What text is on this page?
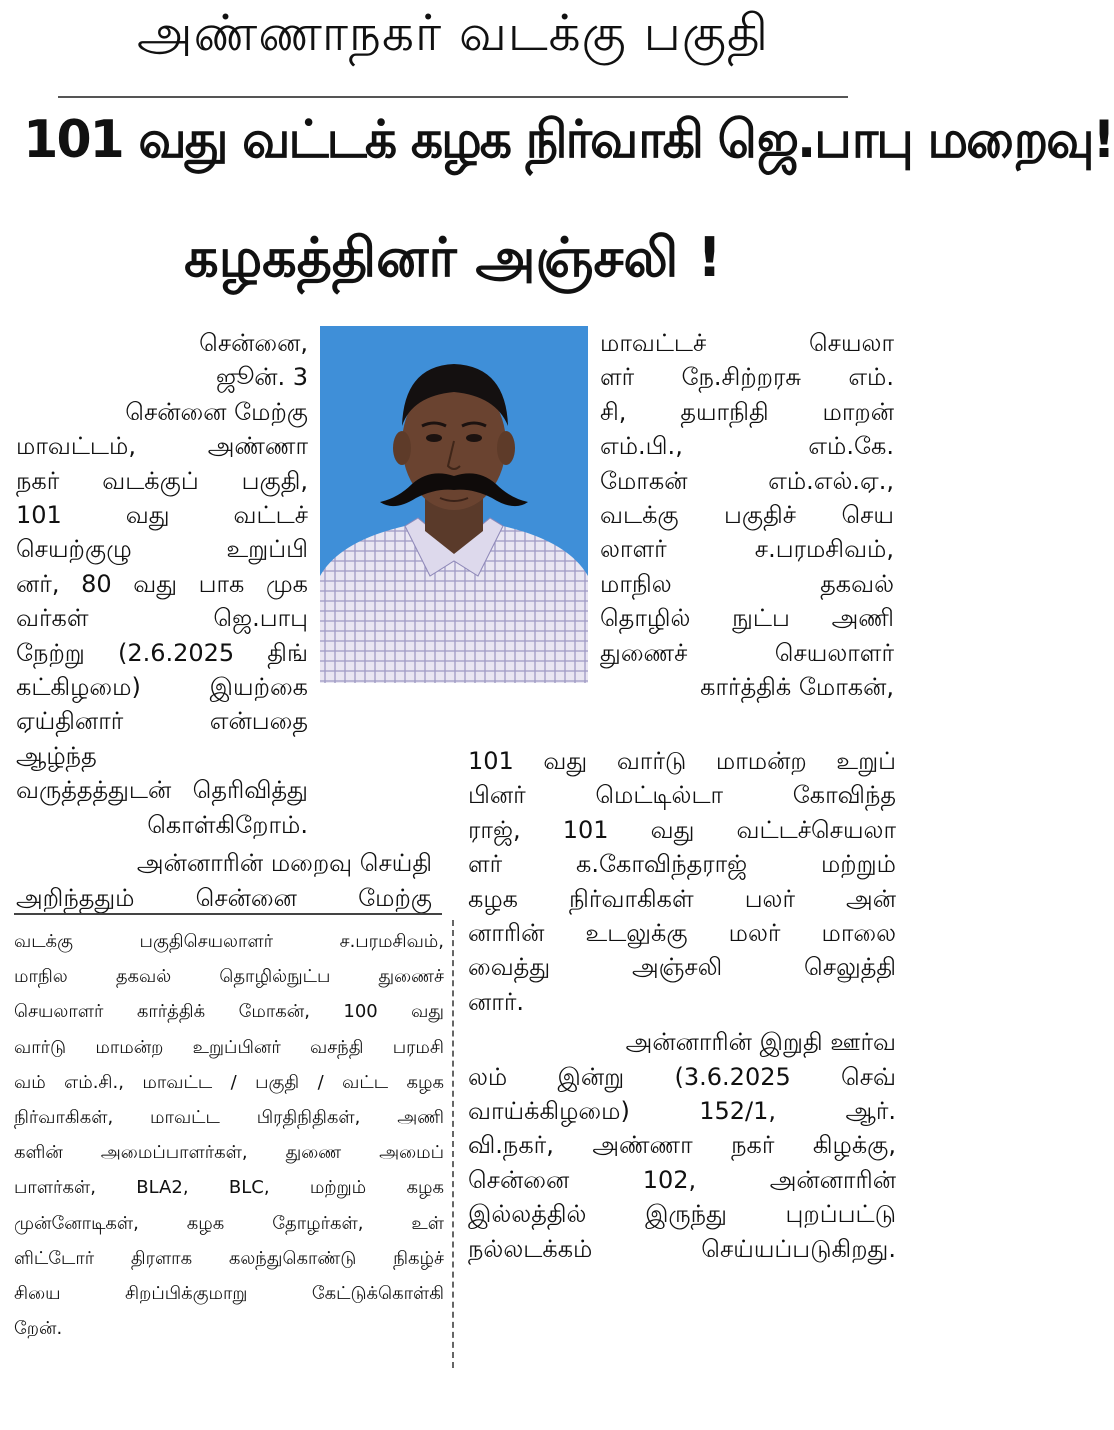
அண்ணாநகர் வடக்கு பகுதி
101 வது வட்டக் கழக நிர்வாகி ஜெ.பாபு மறைவு!
கழகத்தினர் அஞ்சலி !

சென்னை,

ஜூன். 3

சென்னை மேற்கு

மாவட்டம், அண்ணா

நகர் வடக்குப் பகுதி,

101 வது வட்டச்

செயற்குழு உறுப்பி

னர், 80 வது பாக முக

வர்கள் ஜெ.பாபு

நேற்று (2.6.2025 திங்

கட்கிழமை) இயற்கை

ஏய்தினார் என்பதை ஆழ்ந்த

வருத்தத்துடன் தெரிவித்து

கொள்கிறோம்.

அன்னாரின் மறைவு செய்தி

அறிந்ததும் சென்னை மேற்கு

மாவட்டச் செயலா

ளர் நே.சிற்றரசு எம்.

சி, தயாநிதி மாறன்

எம்.பி., எம்.கே.

மோகன் எம்.எல்.ஏ.,

வடக்கு பகுதிச் செய

லாளர் ச.பரமசிவம்,

மாநில தகவல்

தொழில் நுட்ப அணி

துணைச் செயலாளர்

கார்த்திக் மோகன்,

101 வது வார்டு மாமன்ற உறுப்

பினர் மெட்டில்டா கோவிந்த

ராஜ், 101 வது வட்டச்செயலா

ளர் க.கோவிந்தராஜ் மற்றும்

கழக நிர்வாகிகள் பலர் அன்

னாரின் உடலுக்கு மலர் மாலை

வைத்து அஞ்சலி செலுத்தி

னார்.

அன்னாரின் இறுதி ஊர்வ

லம் இன்று (3.6.2025 செவ்

வாய்க்கிழமை) 152/1, ஆர்.

வி.நகர், அண்ணா நகர் கிழக்கு,

சென்னை 102, அன்னாரின்

இல்லத்தில் இருந்து புறப்பட்டு

நல்லடக்கம் செய்யப்படுகிறது.

வடக்கு பகுதிசெயலாளர் ச.பரமசிவம்,

மாநில தகவல் தொழில்நுட்ப துணைச்

செயலாளர் கார்த்திக் மோகன், 100 வது

வார்டு மாமன்ற உறுப்பினர் வசந்தி பரமசி

வம் எம்.சி., மாவட்ட / பகுதி / வட்ட கழக

நிர்வாகிகள், மாவட்ட பிரதிநிதிகள், அணி

களின் அமைப்பாளர்கள், துணை அமைப்

பாளர்கள், BLA2, BLC, மற்றும் கழக

முன்னோடிகள், கழக தோழர்கள், உள்

ளிட்டோர் திரளாக கலந்துகொண்டு நிகழ்ச்

சியை சிறப்பிக்குமாறு கேட்டுக்கொள்கி

றேன்.
